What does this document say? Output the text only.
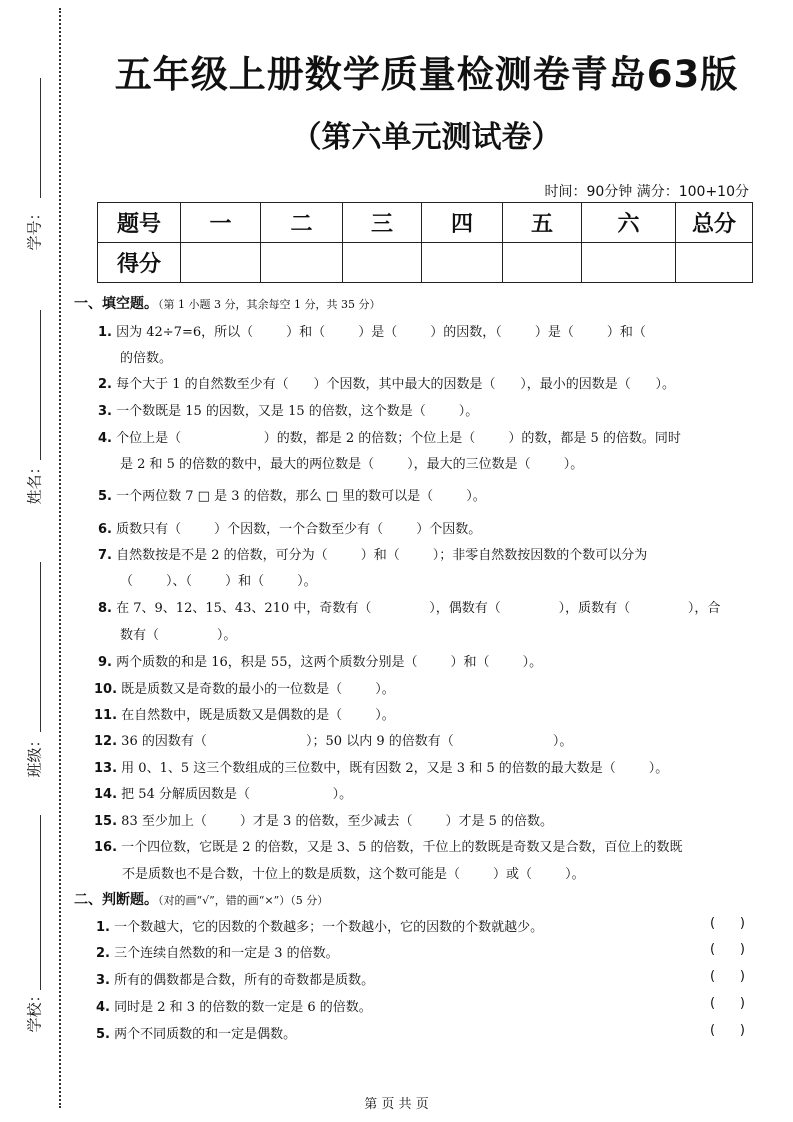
学号：
姓名：
班级：
学校：
五年级上册数学质量检测卷青岛63版
（第六单元测试卷）
时间：90分钟 满分：100+10分
题号	一	二	三	四	五	六	总分
得分							
一、填空题。（第 1 小题 3 分，其余每空 1 分，共 35 分）
1. 因为 42÷7=6，所以（        ）和（        ）是（        ）的因数，（        ）是（        ）和（
的倍数。
2. 每个大于 1 的自然数至少有（      ）个因数，其中最大的因数是（      ），最小的因数是（      ）。
3. 一个数既是 15 的因数，又是 15 的倍数，这个数是（        ）。
4. 个位上是（                    ）的数，都是 2 的倍数；个位上是（        ）的数，都是 5 的倍数。同时
是 2 和 5 的倍数的数中，最大的两位数是（        ），最大的三位数是（        ）。
5. 一个两位数 7 □ 是 3 的倍数，那么 □ 里的数可以是（        ）。
6. 质数只有（        ）个因数，一个合数至少有（        ）个因数。
7. 自然数按是不是 2 的倍数，可分为（        ）和（        ）；非零自然数按因数的个数可以分为
（        ）、（        ）和（        ）。
8. 在 7、9、12、15、43、210 中，奇数有（              ），偶数有（              ），质数有（              ），合
数有（              ）。
9. 两个质数的和是 16，积是 55，这两个质数分别是（        ）和（        ）。
10. 既是质数又是奇数的最小的一位数是（        ）。
11. 在自然数中，既是质数又是偶数的是（        ）。
12. 36 的因数有（                        ）；50 以内 9 的倍数有（                        ）。
13. 用 0、1、5 这三个数组成的三位数中，既有因数 2，又是 3 和 5 的倍数的最大数是（        ）。
14. 把 54 分解质因数是（                    ）。
15. 83 至少加上（        ）才是 3 的倍数，至少减去（        ）才是 5 的倍数。
16. 一个四位数，它既是 2 的倍数，又是 3、5 的倍数，千位上的数既是奇数又是合数，百位上的数既
不是质数也不是合数，十位上的数是质数，这个数可能是（        ）或（        ）。
二、判断题。（对的画“√”，错的画“×”）（5 分）
1. 一个数越大，它的因数的个数越多；一个数越小，它的因数的个数就越少。	(      )
2. 三个连续自然数的和一定是 3 的倍数。	(      )
3. 所有的偶数都是合数，所有的奇数都是质数。	(      )
4. 同时是 2 和 3 的倍数的数一定是 6 的倍数。	(      )
5. 两个不同质数的和一定是偶数。	(      )
第 页 共 页
